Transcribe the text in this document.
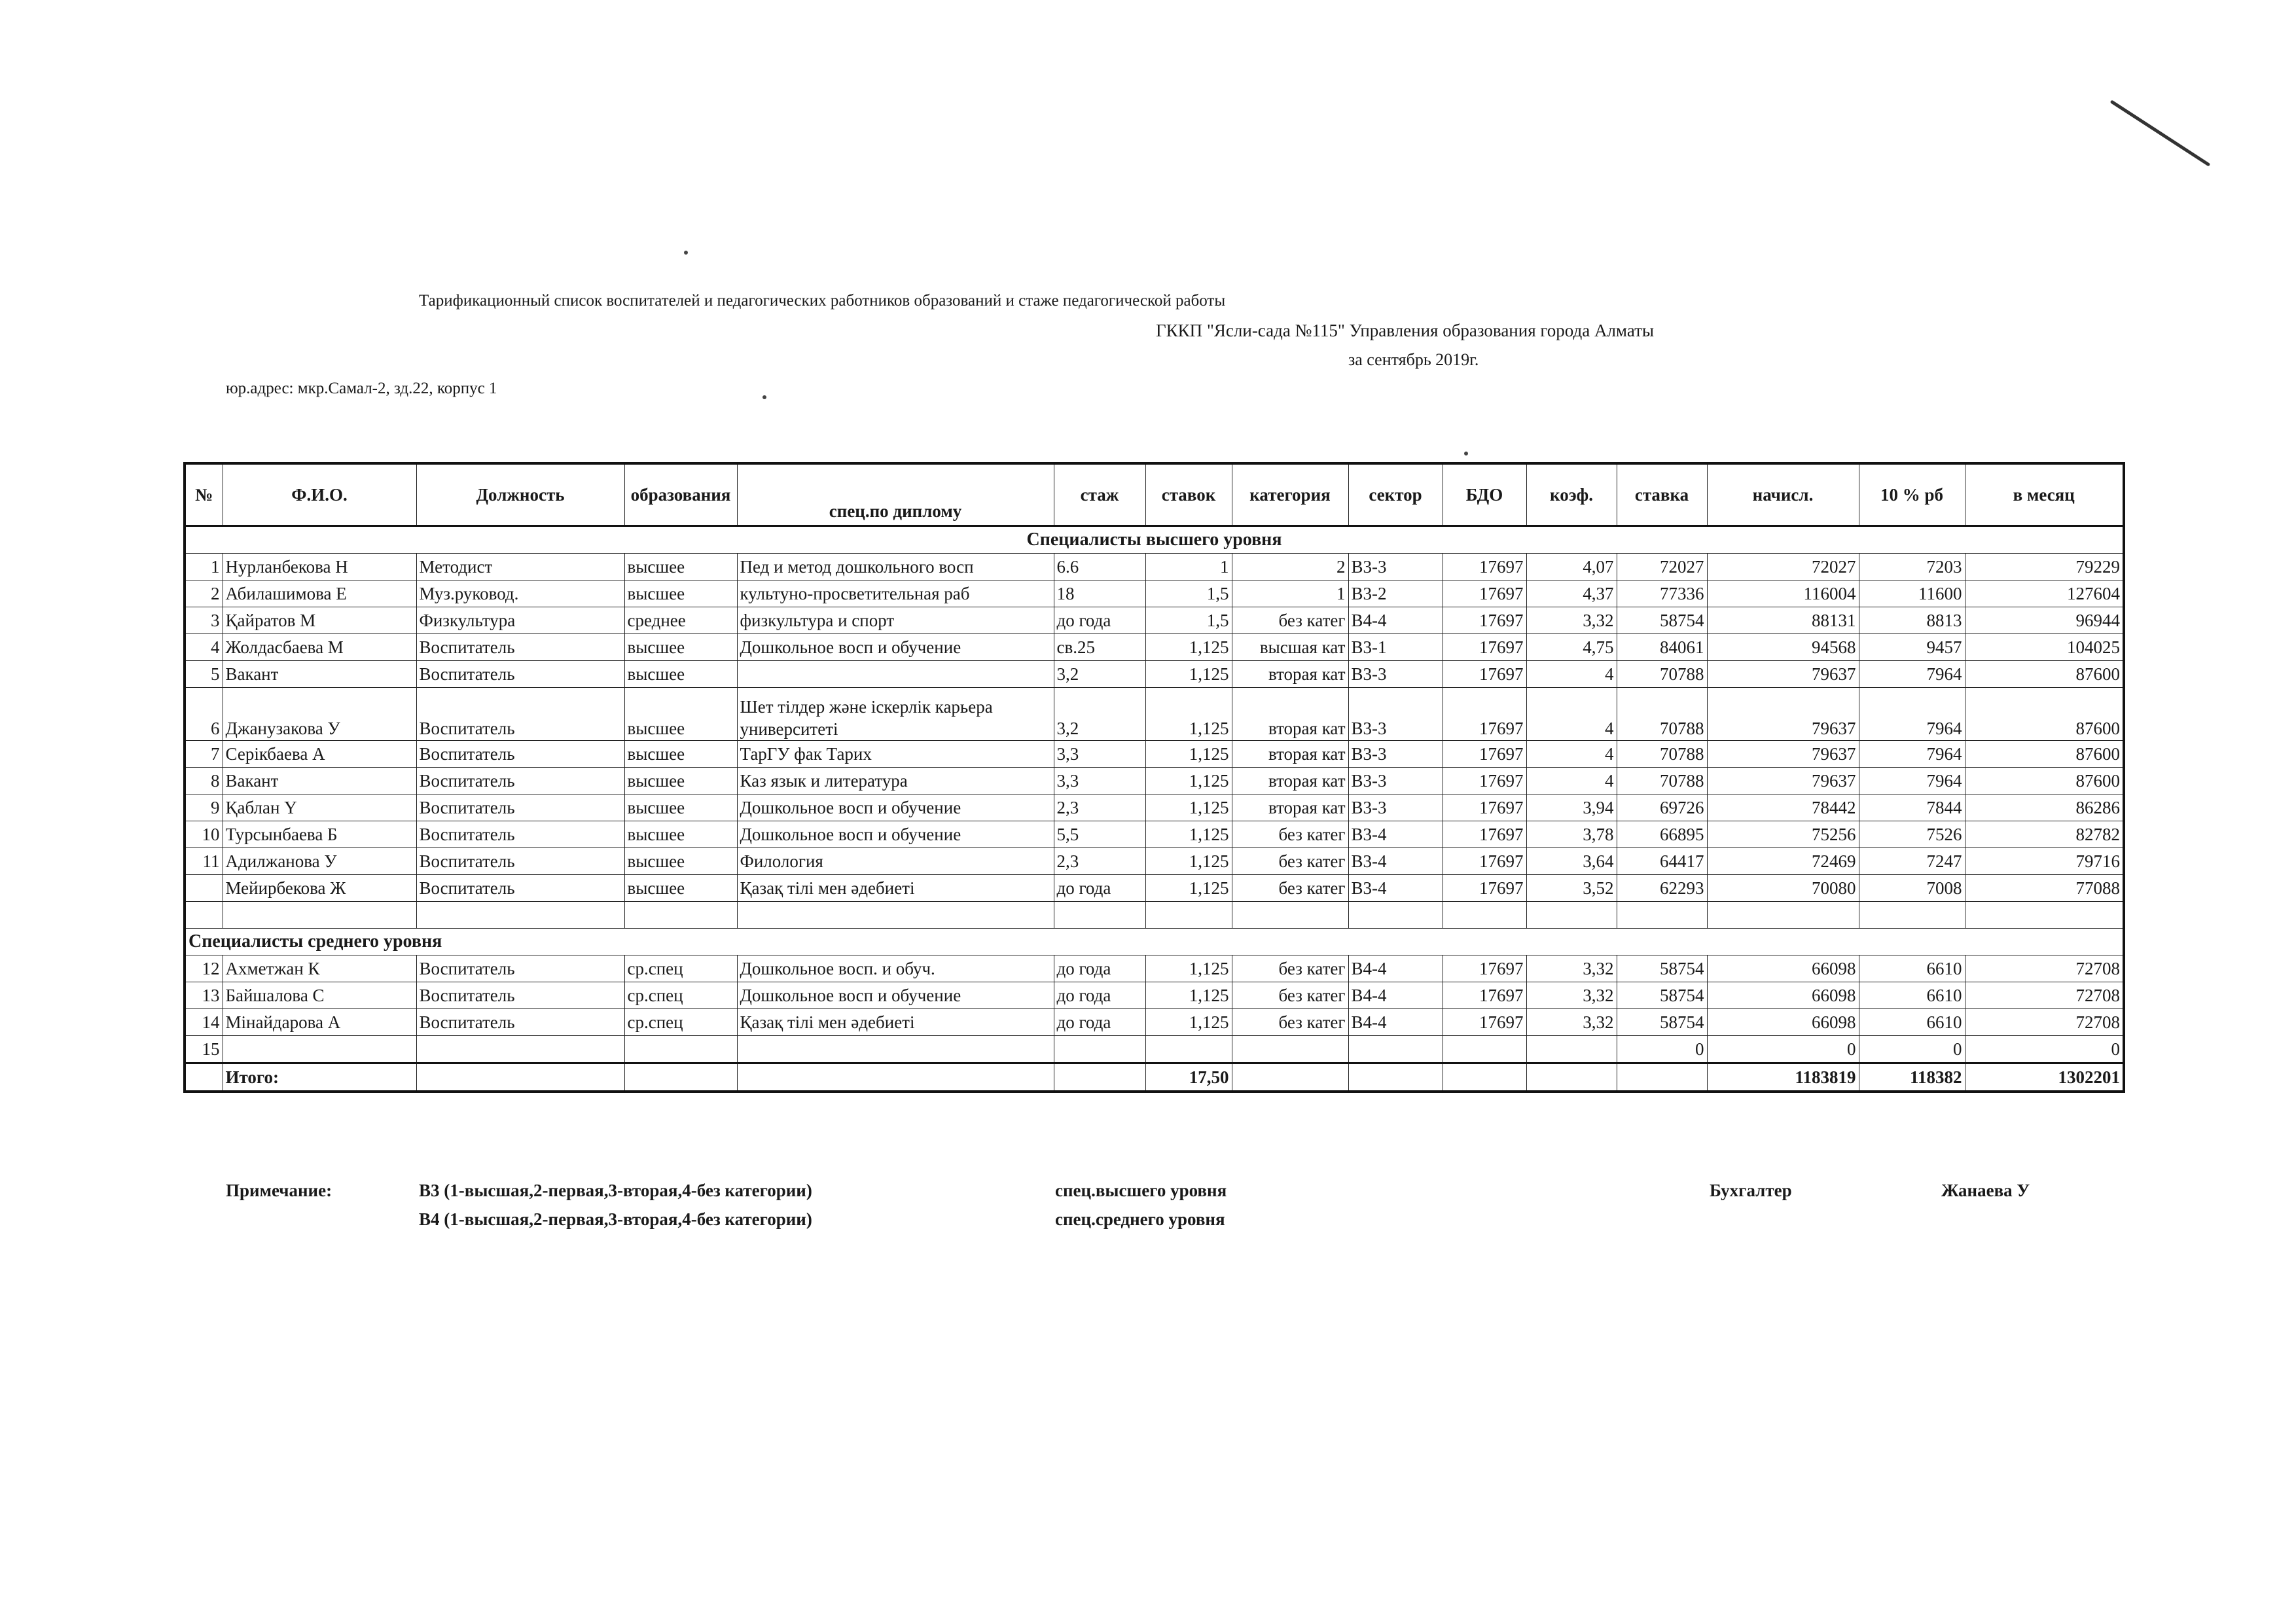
Тарификационный список воспитателей и педагогических работников образований и стаже педагогической работы
ГККП "Ясли-сада №115" Управления образования города Алматы
за сентябрь 2019г.
юр.адрес: мкр.Самал-2, зд.22, корпус 1
№	Ф.И.О.	Должность	образования	спец.по диплому	стаж	ставок	категория	сектор	БДО	коэф.	ставка	начисл.	10 % рб	в месяц
Специалисты высшего уровня														
1	Нурланбекова Н	Методист	высшее	Пед и метод дошкольного восп	6.6	1	2	В3-3	17697	4,07	72027	72027	7203	79229
2	Абилашимова Е	Муз.руковод.	высшее	культуно-просветительная раб	18	1,5	1	В3-2	17697	4,37	77336	116004	11600	127604
3	Қайратов М	Физкультура	среднее	физкультура и спорт	до года	1,5	без катег	В4-4	17697	3,32	58754	88131	8813	96944
4	Жолдасбаева М	Воспитатель	высшее	Дошкольное восп и обучение	св.25	1,125	высшая кат	В3-1	17697	4,75	84061	94568	9457	104025
5	Вакант	Воспитатель	высшее		3,2	1,125	вторая кат	В3-3	17697	4	70788	79637	7964	87600
6	Джанузакова У	Воспитатель	высшее	Шет тілдер және іскерлік карьера университеті	3,2	1,125	вторая кат	В3-3	17697	4	70788	79637	7964	87600
7	Серікбаева А	Воспитатель	высшее	ТарГУ фак Тарих	3,3	1,125	вторая кат	В3-3	17697	4	70788	79637	7964	87600
8	Вакант	Воспитатель	высшее	Каз язык и литература	3,3	1,125	вторая кат	В3-3	17697	4	70788	79637	7964	87600
9	Қаблан Ү	Воспитатель	высшее	Дошкольное восп и обучение	2,3	1,125	вторая кат	В3-3	17697	3,94	69726	78442	7844	86286
10	Турсынбаева Б	Воспитатель	высшее	Дошкольное восп и обучение	5,5	1,125	без катег	В3-4	17697	3,78	66895	75256	7526	82782
11	Адилжанова У	Воспитатель	высшее	Филология	2,3	1,125	без катег	В3-4	17697	3,64	64417	72469	7247	79716
	Мейирбекова Ж	Воспитатель	высшее	Қазақ тілі мен әдебиеті	до года	1,125	без катег	В3-4	17697	3,52	62293	70080	7008	77088

Специалисты среднего уровня														
12	Ахметжан К	Воспитатель	ср.спец	Дошкольное восп. и обуч.	до года	1,125	без катег	В4-4	17697	3,32	58754	66098	6610	72708
13	Байшалова С	Воспитатель	ср.спец	Дошкольное восп и обучение	до года	1,125	без катег	В4-4	17697	3,32	58754	66098	6610	72708
14	Мінайдарова А	Воспитатель	ср.спец	Қазақ тілі мен әдебиеті	до года	1,125	без катег	В4-4	17697	3,32	58754	66098	6610	72708
15											0	0	0	0
	Итого:					17,50						1183819	118382	1302201
Примечание:	В3 (1-высшая,2-первая,3-вторая,4-без категории)
В4 (1-высшая,2-первая,3-вторая,4-без категории)
спец.высшего уровня
спец.среднего уровня
Бухгалтер	Жанаева У
